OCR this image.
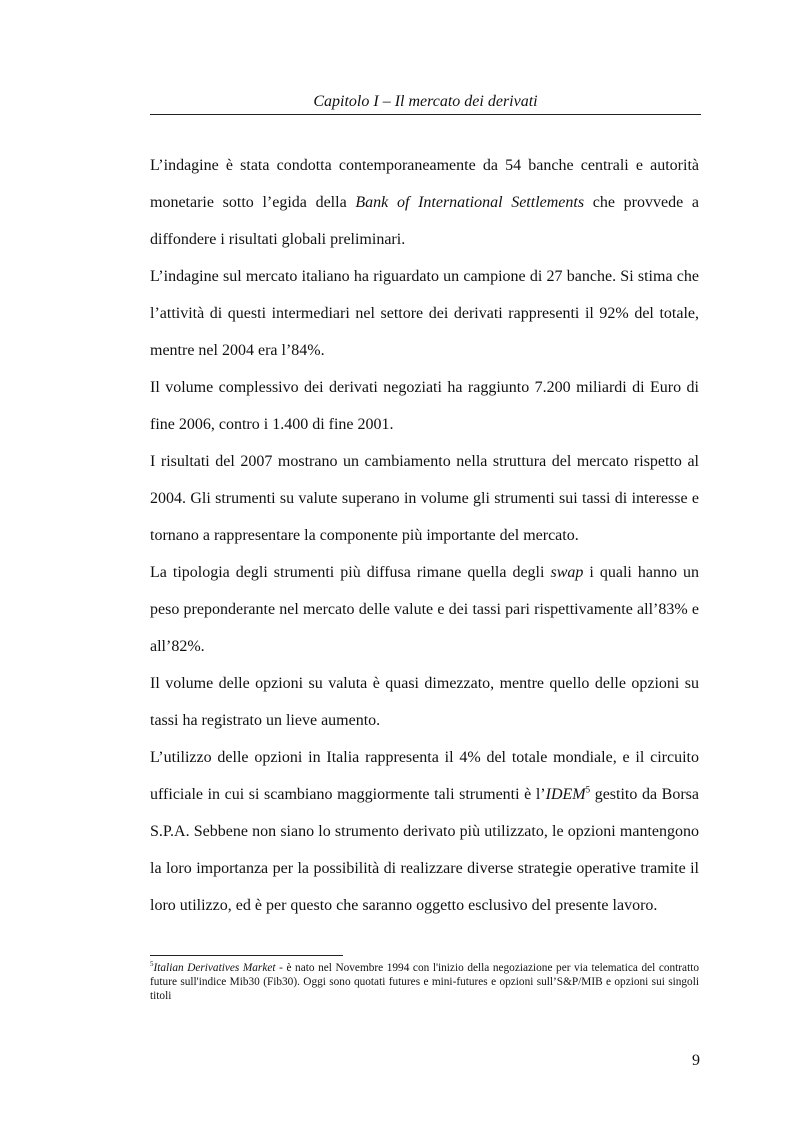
Capitolo I – Il mercato dei derivati

L’indagine è stata condotta contemporaneamente da 54 banche centrali e autorità monetarie sotto l’egida della Bank of International Settlements che provvede a diffondere i risultati globali preliminari.

L’indagine sul mercato italiano ha riguardato un campione di 27 banche. Si stima che l’attività di questi intermediari nel settore dei derivati rappresenti il 92% del totale, mentre nel 2004 era l’84%.

Il volume complessivo dei derivati negoziati ha raggiunto 7.200 miliardi di Euro di fine 2006, contro i 1.400 di fine 2001.

I risultati del 2007 mostrano un cambiamento nella struttura del mercato rispetto al 2004. Gli strumenti su valute superano in volume gli strumenti sui tassi di interesse e tornano a rappresentare la componente più importante del mercato.

La tipologia degli strumenti più diffusa rimane quella degli swap i quali hanno un peso preponderante nel mercato delle valute e dei tassi pari rispettivamente all’83% e all’82%.

Il volume delle opzioni su valuta è quasi dimezzato, mentre quello delle opzioni su tassi ha registrato un lieve aumento.

L’utilizzo delle opzioni in Italia rappresenta il 4% del totale mondiale, e il circuito ufficiale in cui si scambiano maggiormente tali strumenti è l’IDEM$^5$ gestito da Borsa S.P.A. Sebbene non siano lo strumento derivato più utilizzato, le opzioni mantengono la loro importanza per la possibilità di realizzare diverse strategie operative tramite il loro utilizzo, ed è per questo che saranno oggetto esclusivo del presente lavoro.

$^5$Italian Derivatives Market - è nato nel Novembre 1994 con l'inizio della negoziazione per via telematica del contratto future sull'indice Mib30 (Fib30). Oggi sono quotati futures e mini-futures e opzioni sull’S&P/MIB e opzioni sui singoli titoli
9
